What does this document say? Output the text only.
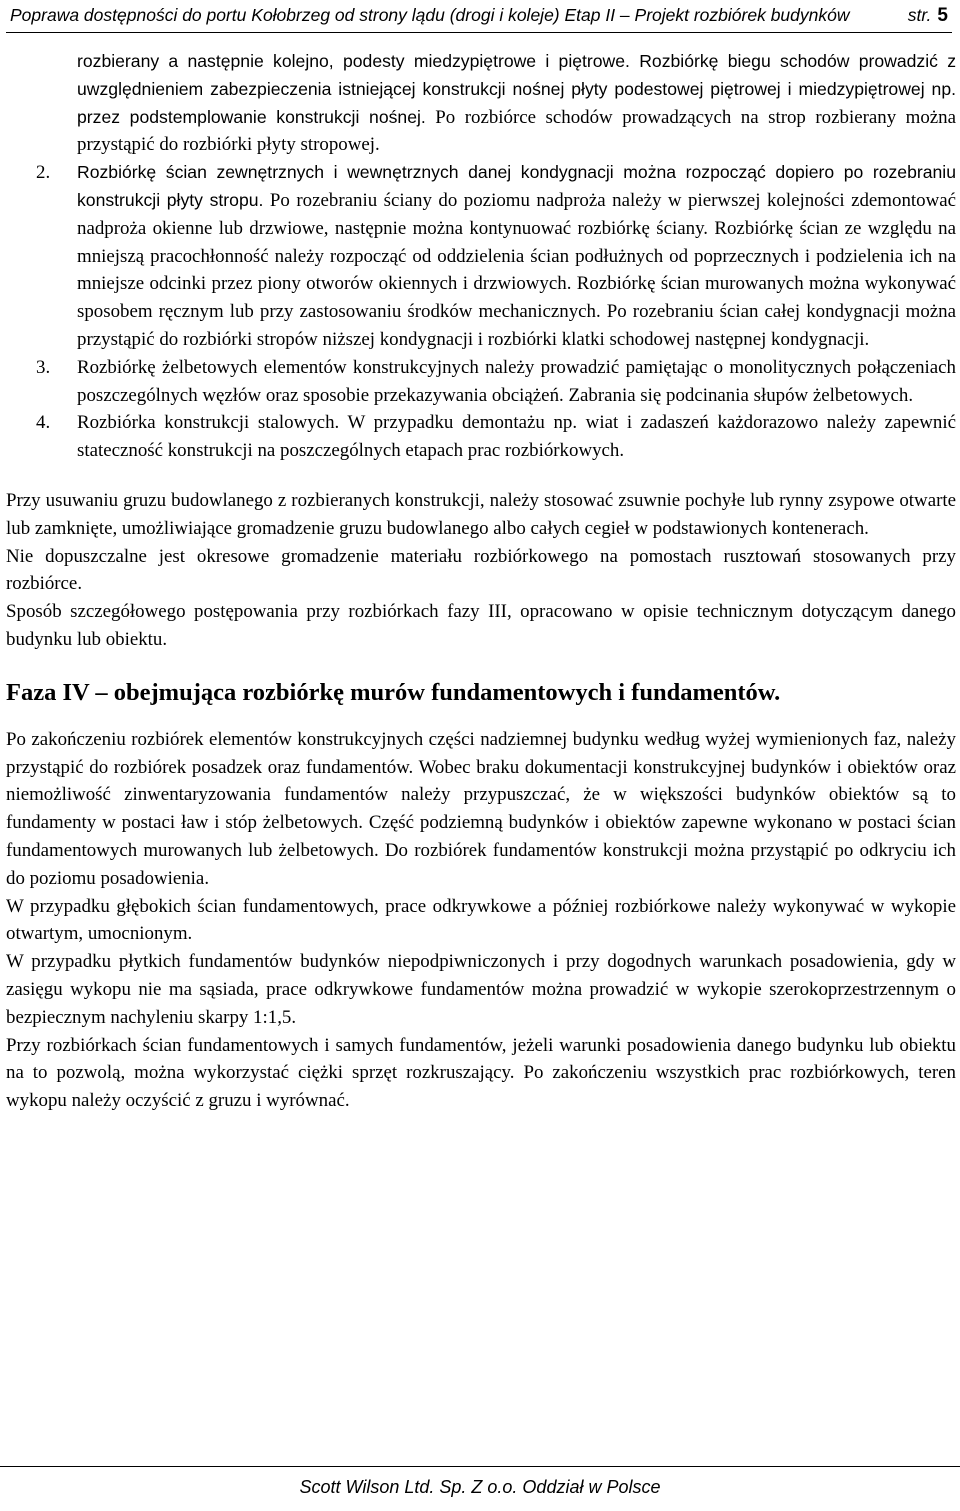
Poprawa dostępności do portu Kołobrzeg od strony lądu (drogi i koleje) Etap II – Projekt rozbiórek budynków	str. 5
rozbierany a następnie kolejno, podesty miedzypiętrowe i piętrowe. Rozbiórkę biegu schodów prowadzić z uwzględnieniem zabezpieczenia istniejącej konstrukcji nośnej płyty podestowej piętrowej i miedzypiętrowej np. przez podstemplowanie konstrukcji nośnej. Po rozbiórce schodów prowadzących na strop rozbierany można przystąpić do rozbiórki płyty stropowej.
2. Rozbiórkę ścian zewnętrznych i wewnętrznych danej kondygnacji można rozpocząć dopiero po rozebraniu konstrukcji płyty stropu. Po rozebraniu ściany do poziomu nadproża należy w pierwszej kolejności zdemontować nadproża okienne lub drzwiowe, następnie można kontynuować rozbiórkę ściany. Rozbiórkę ścian ze względu na mniejszą pracochłonność należy rozpocząć od oddzielenia ścian podłużnych od poprzecznych i podzielenia ich na mniejsze odcinki przez piony otworów okiennych i drzwiowych. Rozbiórkę ścian murowanych można wykonywać sposobem ręcznym lub przy zastosowaniu środków mechanicznych. Po rozebraniu ścian całej kondygnacji można przystąpić do rozbiórki stropów niższej kondygnacji i rozbiórki klatki schodowej następnej kondygnacji.
3. Rozbiórkę żelbetowych elementów konstrukcyjnych należy prowadzić pamiętając o monolitycznych połączeniach poszczególnych węzłów oraz sposobie przekazywania obciążeń. Zabrania się podcinania słupów żelbetowych.
4. Rozbiórka konstrukcji stalowych. W przypadku demontażu np. wiat i zadaszeń każdorazowo należy zapewnić stateczność konstrukcji na poszczególnych etapach prac rozbiórkowych.

Przy usuwaniu gruzu budowlanego z rozbieranych konstrukcji, należy stosować zsuwnie pochyłe lub rynny zsypowe otwarte lub zamknięte, umożliwiające gromadzenie gruzu budowlanego albo całych cegieł w podstawionych kontenerach.

Nie dopuszczalne jest okresowe gromadzenie materiału rozbiórkowego na pomostach rusztowań stosowanych przy rozbiórce.

Sposób szczegółowego postępowania przy rozbiórkach fazy III, opracowano w opisie technicznym dotyczącym danego budynku lub obiektu.

Faza IV – obejmująca rozbiórkę murów fundamentowych i fundamentów.

Po zakończeniu rozbiórek elementów konstrukcyjnych części nadziemnej budynku według wyżej wymienionych faz, należy przystąpić do rozbiórek posadzek oraz fundamentów. Wobec braku dokumentacji konstrukcyjnej budynków i obiektów oraz niemożliwość zinwentaryzowania fundamentów należy przypuszczać, że w większości budynków obiektów są to fundamenty w postaci ław i stóp żelbetowych. Część podziemną budynków i obiektów zapewne wykonano w postaci ścian fundamentowych murowanych lub żelbetowych. Do rozbiórek fundamentów konstrukcji można przystąpić po odkryciu ich do poziomu posadowienia.

W przypadku głębokich ścian fundamentowych, prace odkrywkowe a później rozbiórkowe należy wykonywać w wykopie otwartym, umocnionym.

W przypadku płytkich fundamentów budynków niepodpiwniczonych i przy dogodnych warunkach posadowienia, gdy w zasięgu wykopu nie ma sąsiada, prace odkrywkowe fundamentów można prowadzić w wykopie szerokoprzestrzennym o bezpiecznym nachyleniu skarpy 1:1,5.

Przy rozbiórkach ścian fundamentowych i samych fundamentów, jeżeli warunki posadowienia danego budynku lub obiektu na to pozwolą, można wykorzystać ciężki sprzęt rozkruszający. Po zakończeniu wszystkich prac rozbiórkowych, teren wykopu należy oczyścić z gruzu i wyrównać.

Scott Wilson Ltd. Sp. Z o.o. Oddział w Polsce
